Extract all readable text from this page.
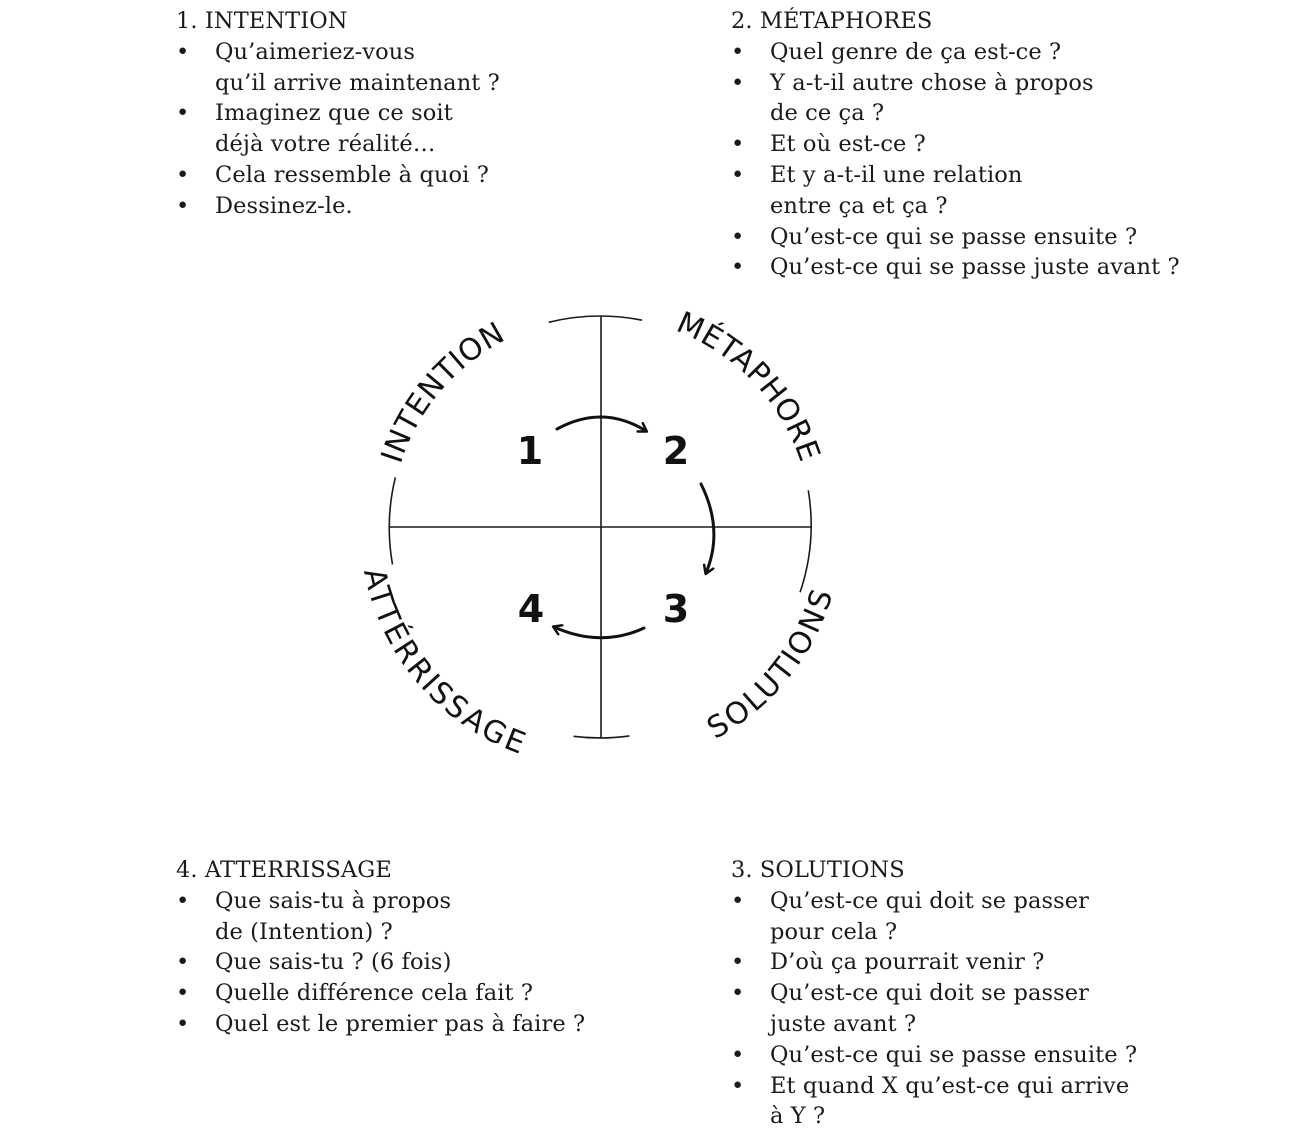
1. INTENTION
• Qu’aimeriez-vous
qu’il arrive maintenant ?
• Imaginez que ce soit
déjà votre réalité…
• Cela ressemble à quoi ?
• Dessinez-le.
2. MÉTAPHORES
• Quel genre de ça est-ce ?
• Y a-t-il autre chose à propos
de ce ça ?
• Et où est-ce ?
• Et y a-t-il une relation
entre ça et ça ?
• Qu’est-ce qui se passe ensuite ?
• Qu’est-ce qui se passe juste avant ?
4. ATTERRISSAGE
• Que sais-tu à propos
de (Intention) ?
• Que sais-tu ? (6 fois)
• Quelle différence cela fait ?
• Quel est le premier pas à faire ?
3. SOLUTIONS
• Qu’est-ce qui doit se passer
pour cela ?
• D’où ça pourrait venir ?
• Qu’est-ce qui doit se passer
juste avant ?
• Qu’est-ce qui se passe ensuite ?
• Et quand X qu’est-ce qui arrive
à Y ?
INTENTION	MÉTAPHORE
ATTÉRRISSAGE	SOLUTIONS
1	2
3
4
